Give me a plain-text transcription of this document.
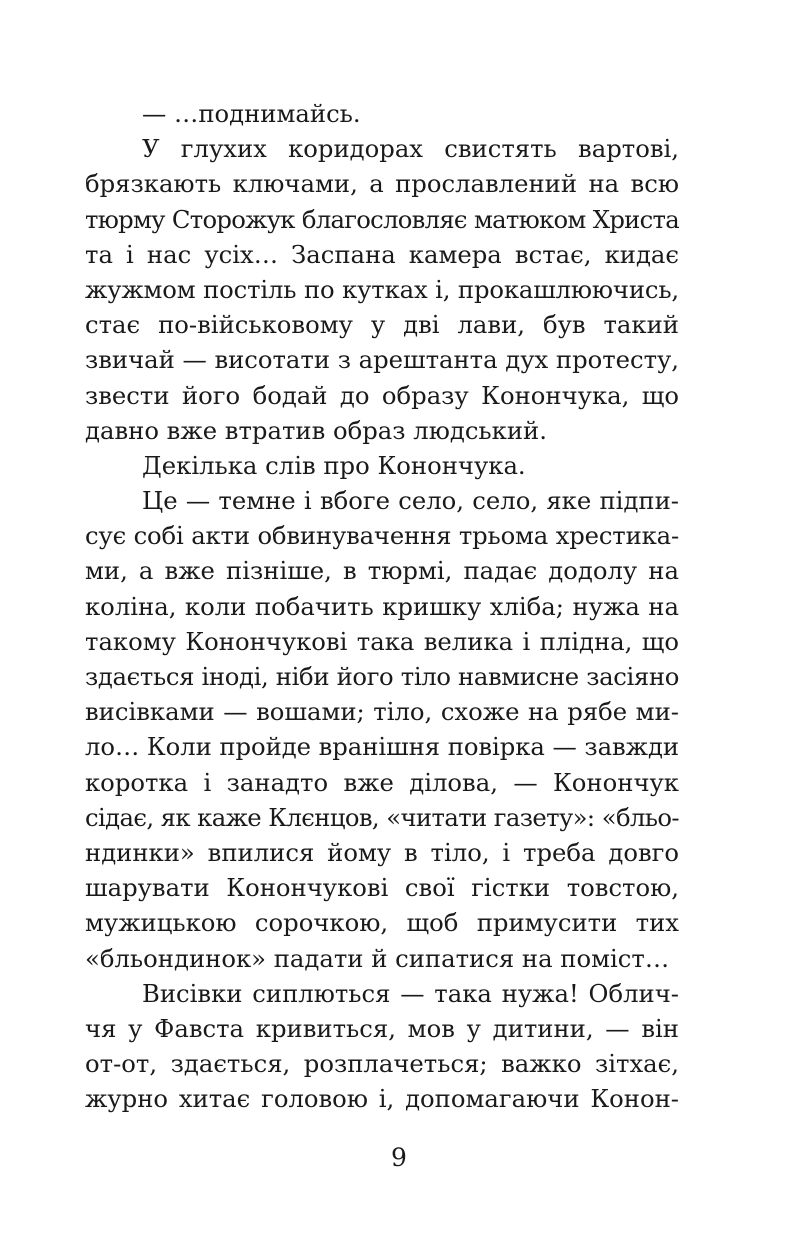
— …поднимайсь.
У глухих коридорах свистять вартові,
брязкають ключами, а прославлений на всю
тюрму Сторожук благословляє матюком Христа
та і нас усіх… Заспана камера встає, кидає
жужмом постіль по кутках і, прокашлюючись,
стає по-військовому у дві лави, був такий
звичай — висотати з арештанта дух протесту,
звести його бодай до образу Конончука, що
давно вже втратив образ людський.
Декілька слів про Конончука.
Це — темне і вбоге село, село, яке підпи-
сує собі акти обвинувачення трьома хрестика-
ми, а вже пізніше, в тюрмі, падає додолу на
коліна, коли побачить кришку хліба; нужа на
такому Конончукові така велика і плідна, що
здається іноді, ніби його тіло навмисне засіяно
висівками — вошами; тіло, схоже на рябе ми-
ло… Коли пройде вранішня повірка — завжди
коротка і занадто вже ділова, — Конончук
сідає, як каже Клєнцов, «читати газету»: «бльо-
ндинки» впилися йому в тіло, і треба довго
шарувати Конончукові свої гістки товстою,
мужицькою сорочкою, щоб примусити тих
«бльондинок» падати й сипатися на поміст…
Висівки сиплються — така нужа! Облич-
чя у Фавста кривиться, мов у дитини, — він
от-от, здається, розплачеться; важко зітхає,
журно хитає головою і, допомагаючи Конон-
9
